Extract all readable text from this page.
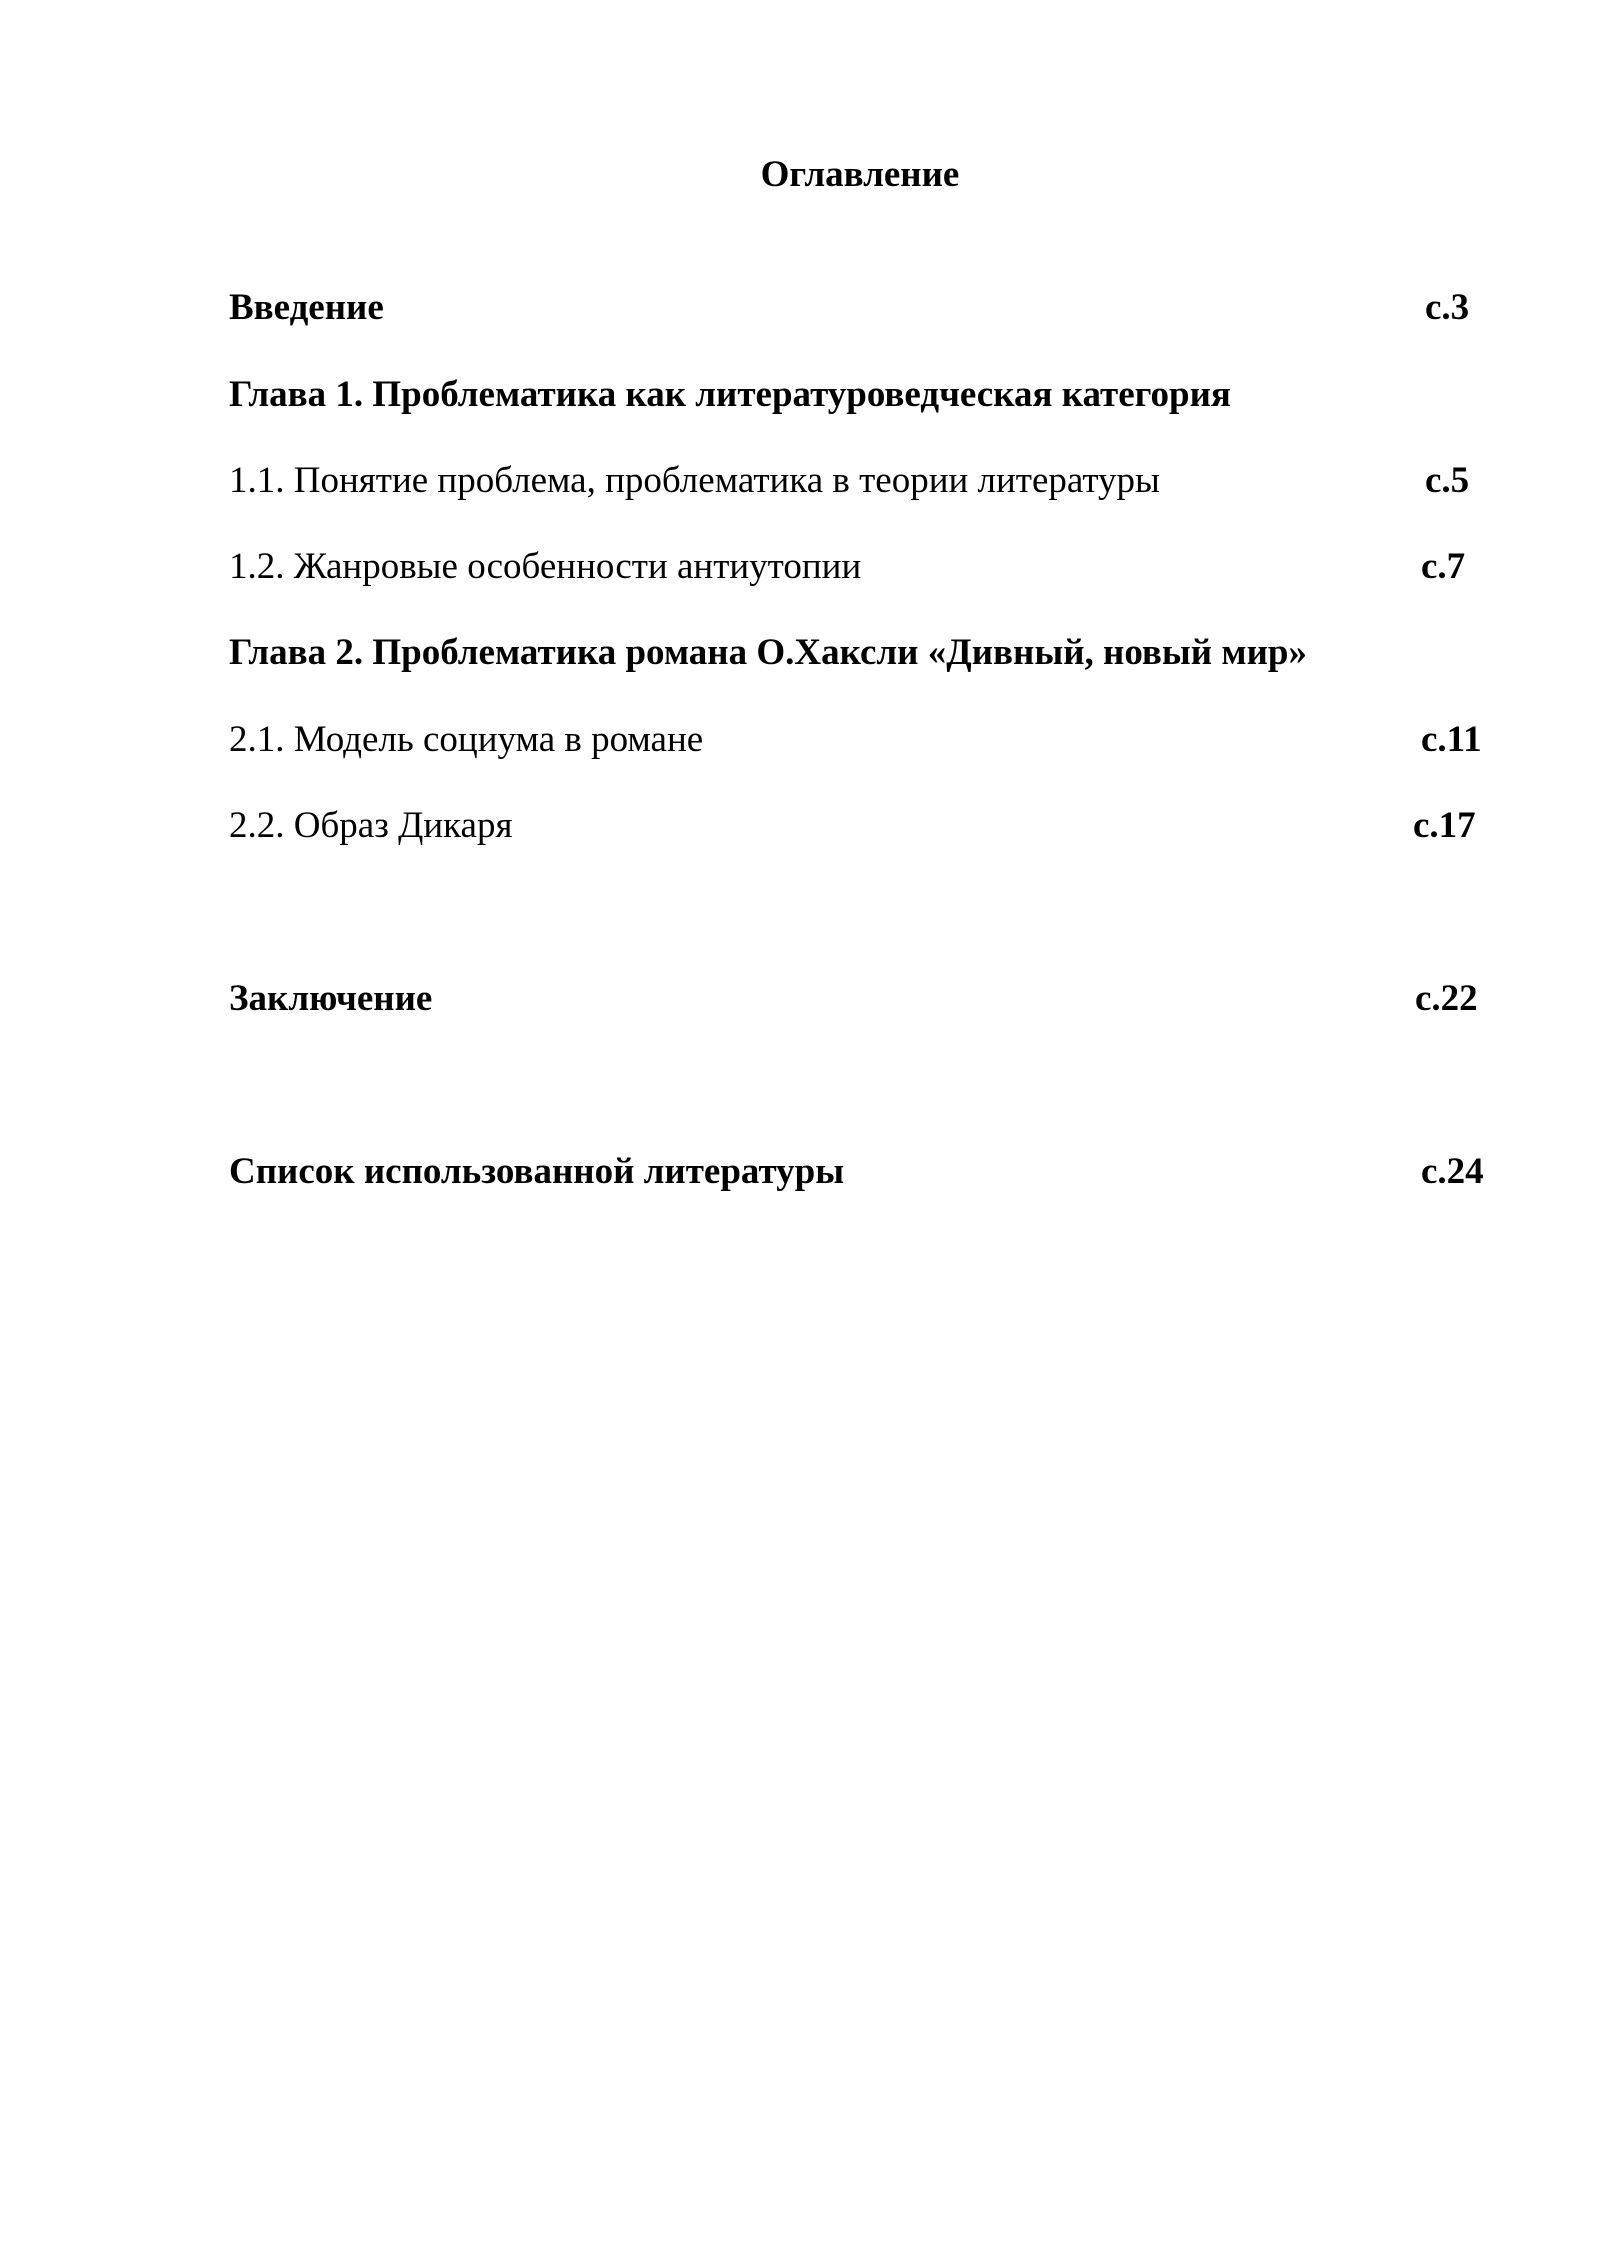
Оглавление
Введение	с.3
Глава 1. Проблематика как литературоведческая категория
1.1. Понятие проблема, проблематика в теории литературы	с.5
1.2. Жанровые особенности антиутопии	с.7
Глава 2. Проблематика романа О.Хаксли «Дивный, новый мир»
2.1. Модель социума в романе	с.11
2.2. Образ Дикаря	с.17
Заключение	с.22
Список использованной литературы	с.24
